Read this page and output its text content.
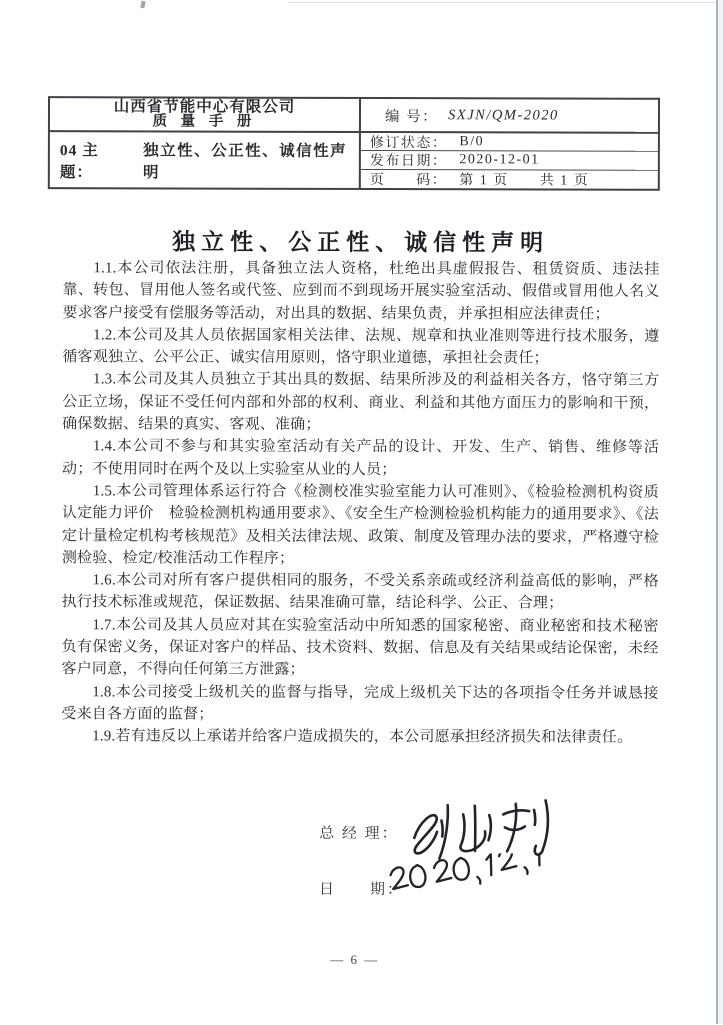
山西省节能中心有限公司
质 量 手 册	编 号： SXJN/QM-2020
04 主题：
独立性、公正性、诚信性声明
修订状态： B/0
发布日期： 2020-12-01
页　　码： 第 1 页　　共 1 页
独立性、公正性、诚信性声明

1.1.本公司依法注册，具备独立法人资格，杜绝出具虚假报告、租赁资质、违法挂靠、转包、冒用他人签名或代签、应到而不到现场开展实验室活动、假借或冒用他人名义要求客户接受有偿服务等活动，对出具的数据、结果负责，并承担相应法律责任；

1.2.本公司及其人员依据国家相关法律、法规、规章和执业准则等进行技术服务，遵循客观独立、公平公正、诚实信用原则，恪守职业道德，承担社会责任；

1.3.本公司及其人员独立于其出具的数据、结果所涉及的利益相关各方，恪守第三方公正立场，保证不受任何内部和外部的权利、商业、利益和其他方面压力的影响和干预，确保数据、结果的真实、客观、准确；

1.4.本公司不参与和其实验室活动有关产品的设计、开发、生产、销售、维修等活动；不使用同时在两个及以上实验室从业的人员；

1.5.本公司管理体系运行符合《检测校准实验室能力认可准则》、《检验检测机构资质认定能力评价　检验检测机构通用要求》、《安全生产检测检验机构能力的通用要求》、《法定计量检定机构考核规范》及相关法律法规、政策、制度及管理办法的要求，严格遵守检测检验、检定/校准活动工作程序；

1.6.本公司对所有客户提供相同的服务，不受关系亲疏或经济利益高低的影响，严格执行技术标准或规范，保证数据、结果准确可靠，结论科学、公正、合理；

1.7.本公司及其人员应对其在实验室活动中所知悉的国家秘密、商业秘密和技术秘密负有保密义务，保证对客户的样品、技术资料、数据、信息及有关结果或结论保密，未经客户同意，不得向任何第三方泄露；

1.8.本公司接受上级机关的监督与指导，完成上级机关下达的各项指令任务并诚恳接受来自各方面的监督；

1.9.若有违反以上承诺并给客户造成损失的，本公司愿承担经济损失和法律责任。

总 经 理：
日　　期：
— 6 —
